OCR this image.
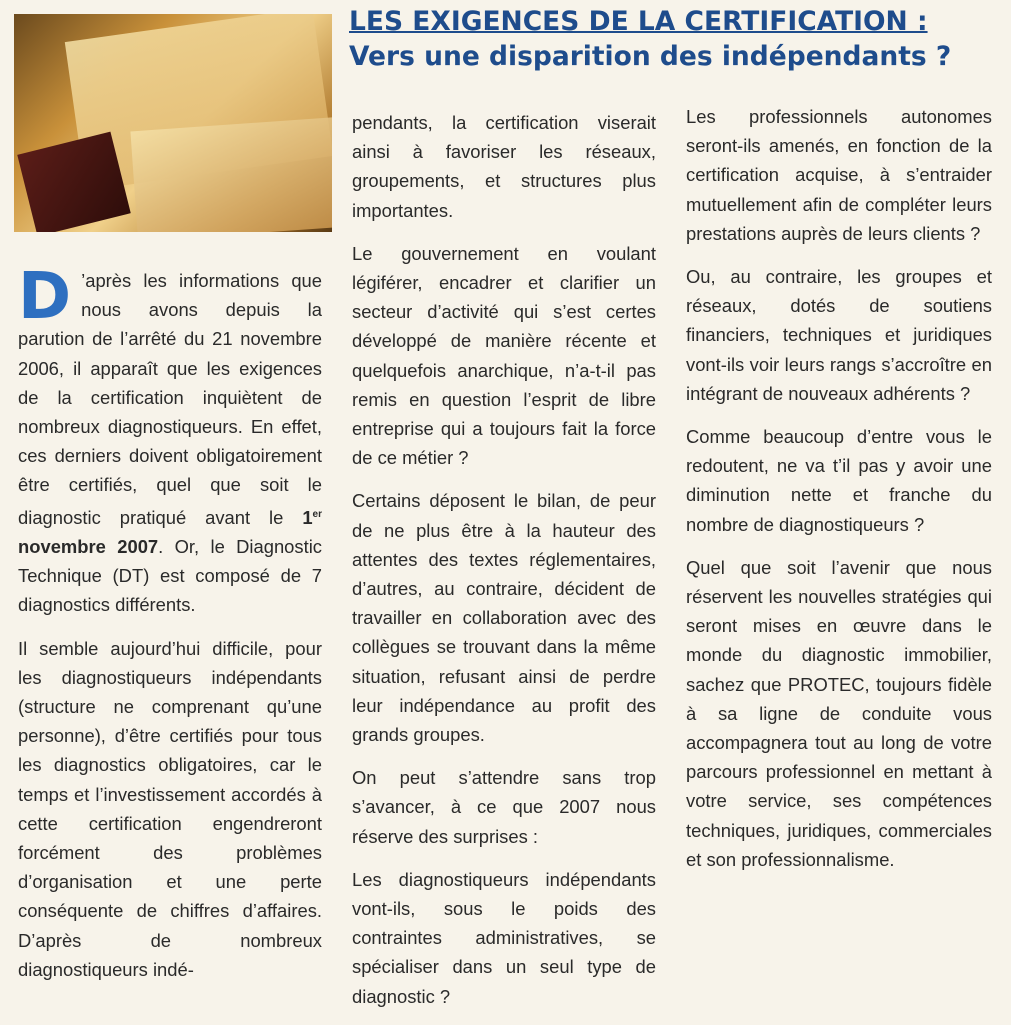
LES EXIGENCES DE LA CERTIFICATION :
Vers une disparition des indépendants ?

D ’après les informations que nous avons depuis la parution de l’arrêté du 21 novembre 2006, il apparaît que les exigences de la certification inquiètent de nombreux diagnostiqueurs. En effet, ces derniers doivent obligatoirement être certifiés, quel que soit le diagnostic pratiqué avant le 1er novembre 2007. Or, le Diagnostic Technique (DT) est composé de 7 diagnostics différents.

Il semble aujourd’hui difficile, pour les diagnostiqueurs indépendants (structure ne comprenant qu’une personne), d’être certifiés pour tous les diagnostics obligatoires, car le temps et l’investissement accordés à cette certification engendreront forcément des problèmes d’organisation et une perte conséquente de chiffres d’affaires. D’après de nombreux diagnostiqueurs indé-

pendants, la certification viserait ainsi à favoriser les réseaux, groupements, et structures plus importantes.

Le gouvernement en voulant légiférer, encadrer et clarifier un secteur d’activité qui s’est certes développé de manière récente et quelquefois anarchique, n’a-t-il pas remis en question l’esprit de libre entreprise qui a toujours fait la force de ce métier ?

Certains déposent le bilan, de peur de ne plus être à la hauteur des attentes des textes réglementaires, d’autres, au contraire, décident de travailler en collaboration avec des collègues se trouvant dans la même situation, refusant ainsi de perdre leur indépendance au profit des grands groupes.

On peut s’attendre sans trop s’avancer, à ce que 2007 nous réserve des surprises :

Les diagnostiqueurs indépendants vont-ils, sous le poids des contraintes administratives, se spécialiser dans un seul type de diagnostic ?

Les professionnels autonomes seront-ils amenés, en fonction de la certification acquise, à s’entraider mutuellement afin de compléter leurs prestations auprès de leurs clients ?

Ou, au contraire, les groupes et réseaux, dotés de soutiens financiers, techniques et juridiques vont-ils voir leurs rangs s’accroître en intégrant de nouveaux adhérents ?

Comme beaucoup d’entre vous le redoutent, ne va t’il pas y avoir une diminution nette et franche du nombre de diagnostiqueurs ?

Quel que soit l’avenir que nous réservent les nouvelles stratégies qui seront mises en œuvre dans le monde du diagnostic immobilier, sachez que PROTEC, toujours fidèle à sa ligne de conduite vous accompagnera tout au long de votre parcours professionnel en mettant à votre service, ses compétences techniques, juridiques, commerciales et son professionnalisme.
